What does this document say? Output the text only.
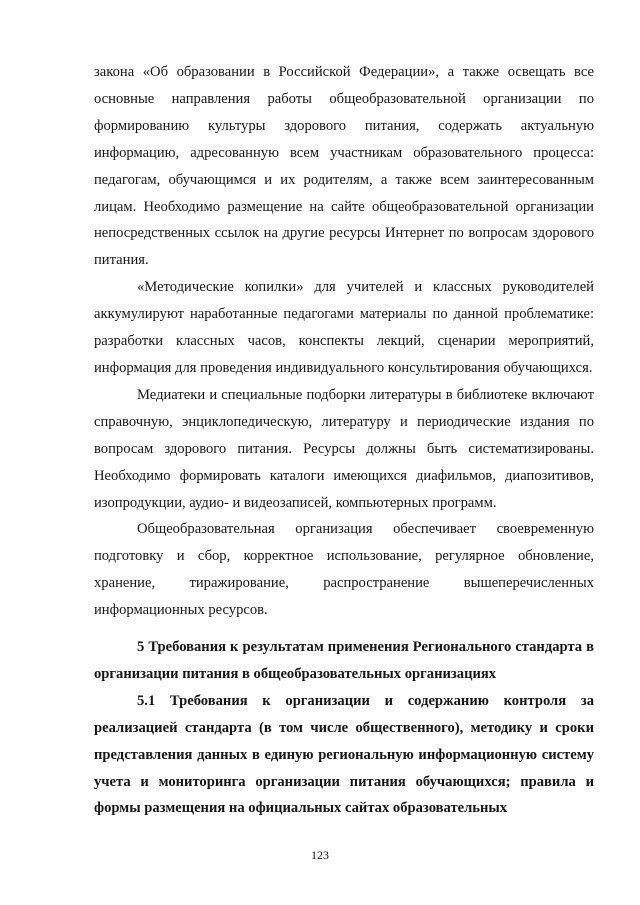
закона «Об образовании в Российской Федерации», а также освещать все основные направления работы общеобразовательной организации по формированию культуры здорового питания, содержать актуальную информацию, адресованную всем участникам образовательного процесса: педагогам, обучающимся и их родителям, а также всем заинтересованным лицам. Необходимо размещение на сайте общеобразовательной организации непосредственных ссылок на другие ресурсы Интернет по вопросам здорового питания.

«Методические копилки» для учителей и классных руководителей аккумулируют наработанные педагогами материалы по данной проблематике: разработки классных часов, конспекты лекций, сценарии мероприятий, информация для проведения индивидуального консультирования обучающихся.

Медиатеки и специальные подборки литературы в библиотеке включают справочную, энциклопедическую, литературу и периодические издания по вопросам здорового питания. Ресурсы должны быть систематизированы. Необходимо формировать каталоги имеющихся диафильмов, диапозитивов, изопродукции, аудио- и видеозаписей, компьютерных программ.

Общеобразовательная организация обеспечивает своевременную подготовку и сбор, корректное использование, регулярное обновление, хранение, тиражирование, распространение вышеперечисленных информационных ресурсов.

5 Требования к результатам применения Регионального стандарта в организации питания в общеобразовательных организациях

5.1 Требования к организации и содержанию контроля за реализацией стандарта (в том числе общественного), методику и сроки представления данных в единую региональную информационную систему учета и мониторинга организации питания обучающихся; правила и формы размещения на официальных сайтах образовательных

123
